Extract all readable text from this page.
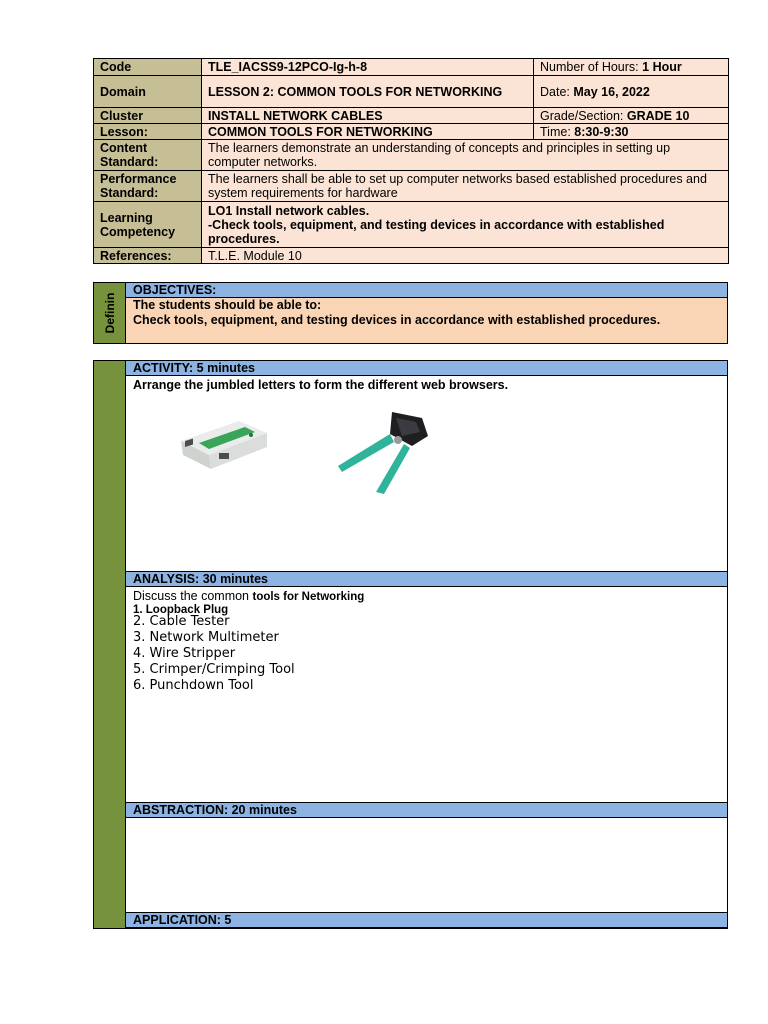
Code	TLE_IACSS9-12PCO-Ig-h-8	Number of Hours: 1 Hour
Domain	LESSON 2: COMMON TOOLS FOR NETWORKING	Date: May 16, 2022
Cluster	INSTALL NETWORK CABLES	Grade/Section: GRADE 10
Lesson:	COMMON TOOLS FOR NETWORKING	Time: 8:30-9:30
Content Standard:	The learners demonstrate an understanding of concepts and principles in setting up computer networks.	
Performance Standard:	The learners shall be able to set up computer networks based established procedures and system requirements for hardware	
Learning Competency	LO1 Install network cables.
-Check tools, equipment, and testing devices in accordance with established procedures.	

References:	T.L.E. Module 10	
Definin
OBJECTIVES:
The students should be able to:
Check tools, equipment, and testing devices in accordance with established procedures.
ACTIVITY: 5 minutes
Arrange the jumbled letters to form the different web browsers.
ANALYSIS: 30 minutes
Discuss the common tools for Networking
1. Loopback Plug
2. Cable Tester
3. Network Multimeter
4. Wire Stripper
5. Crimper/Crimping Tool
6. Punchdown Tool
ABSTRACTION: 20 minutes
APPLICATION: 5
